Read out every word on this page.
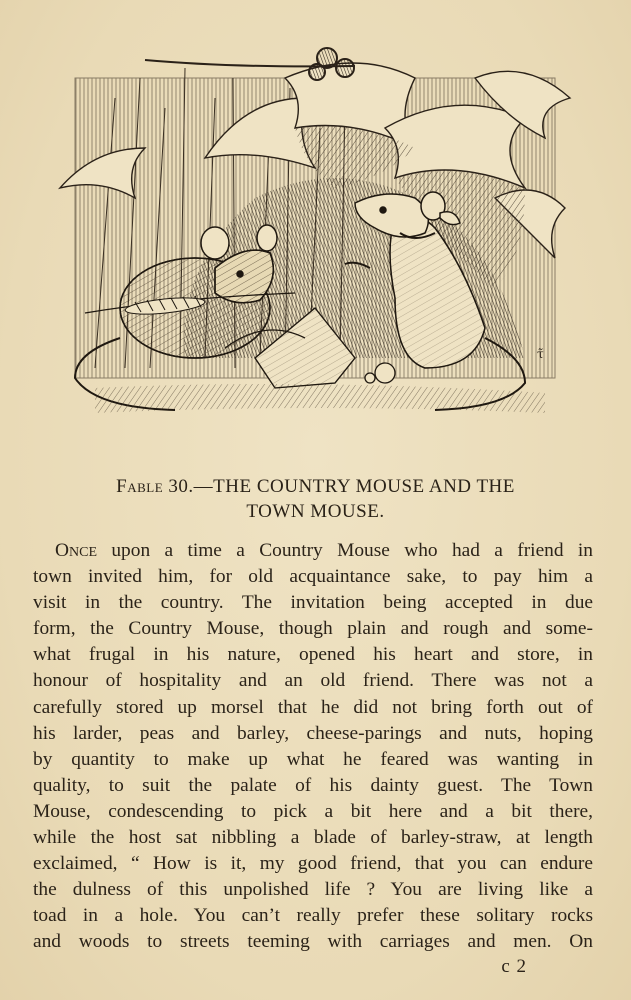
τ̃
Fable 30.—THE COUNTRY MOUSE AND THE
TOWN MOUSE.
Once upon a time a Country Mouse who had a friend in
town invited him, for old acquaintance sake, to pay him a
visit in the country. The invitation being accepted in due
form, the Country Mouse, though plain and rough and some-
what frugal in his nature, opened his heart and store, in
honour of hospitality and an old friend. There was not a
carefully stored up morsel that he did not bring forth out of
his larder, peas and barley, cheese-parings and nuts, hoping
by quantity to make up what he feared was wanting in
quality, to suit the palate of his dainty guest. The Town
Mouse, condescending to pick a bit here and a bit there,
while the host sat nibbling a blade of barley-straw, at length
exclaimed, “ How is it, my good friend, that you can endure
the dulness of this unpolished life ? You are living like a
toad in a hole. You can’t really prefer these solitary rocks
and woods to streets teeming with carriages and men. On
c 2
